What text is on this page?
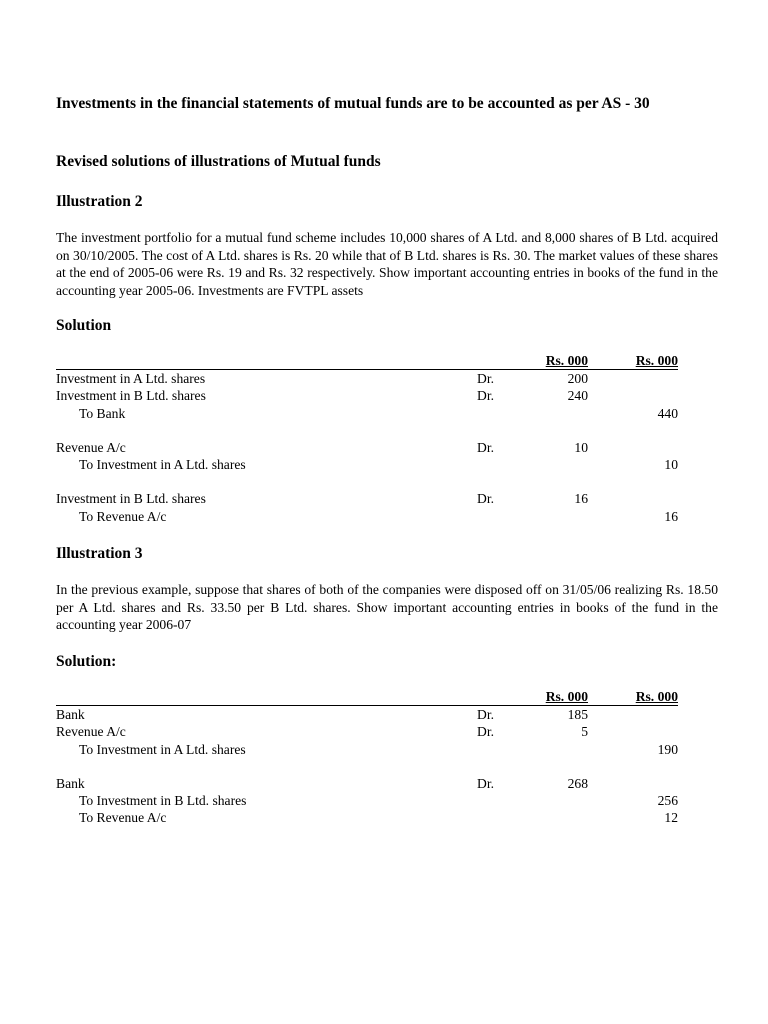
Investments in the financial statements of mutual funds are to be accounted as per AS - 30
Revised solutions of illustrations of Mutual funds
Illustration 2
The investment portfolio for a mutual fund scheme includes 10,000 shares of A Ltd. and 8,000 shares of B Ltd. acquired on 30/10/2005. The cost of A Ltd. shares is Rs. 20 while that of B Ltd. shares is Rs. 30. The market values of these shares at the end of 2005-06 were Rs. 19 and Rs. 32 respectively. Show important accounting entries in books of the fund in the accounting year 2005-06. Investments are FVTPL assets
Solution
Rs. 000	Rs. 000
Investment in A Ltd. shares	Dr.	200
Investment in B Ltd. shares	Dr.	240
To Bank	440
Revenue A/c	Dr.	10
To Investment in A Ltd. shares	10
Investment in B Ltd. shares	Dr.	16
To Revenue A/c	16
Illustration 3
In the previous example, suppose that shares of both of the companies were disposed off on 31/05/06 realizing Rs. 18.50 per A Ltd. shares and Rs. 33.50 per B Ltd. shares. Show important accounting entries in books of the fund in the accounting year 2006-07
Solution:
Rs. 000	Rs. 000
Bank	Dr.	185
Revenue A/c	Dr.	5
To Investment in A Ltd. shares	190
Bank	Dr.	268
To Investment in B Ltd. shares	256
To Revenue A/c	12
